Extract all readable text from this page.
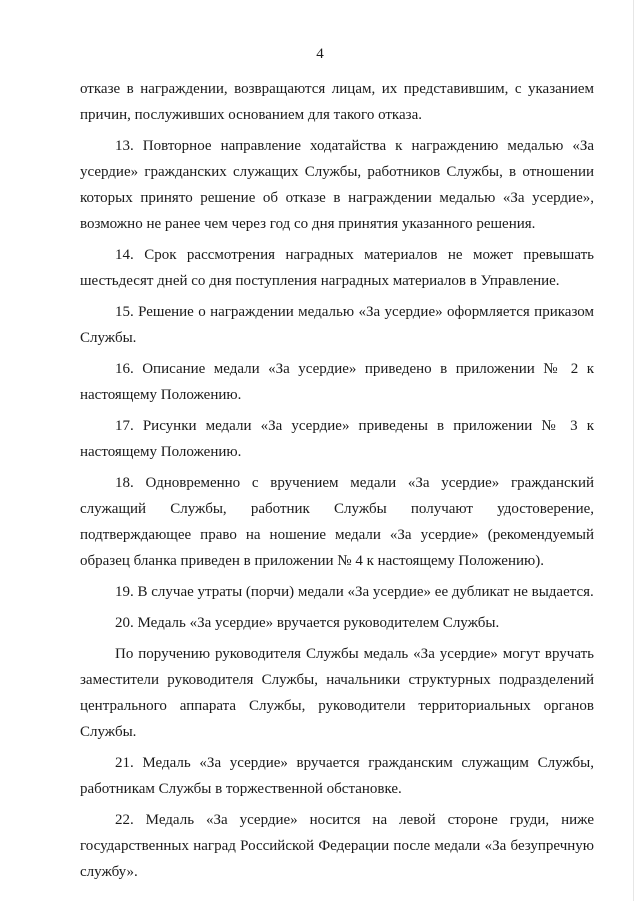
4

отказе в награждении, возвращаются лицам, их представившим, с указанием причин, послуживших основанием для такого отказа.

13. Повторное направление ходатайства к награждению медалью «За усердие» гражданских служащих Службы, работников Службы, в отношении которых принято решение об отказе в награждении медалью «За усердие», возможно не ранее чем через год со дня принятия указанного решения.

14. Срок рассмотрения наградных материалов не может превышать шестьдесят дней со дня поступления наградных материалов в Управление.

15. Решение о награждении медалью «За усердие» оформляется приказом Службы.

16. Описание медали «За усердие» приведено в приложении № 2 к настоящему Положению.

17. Рисунки медали «За усердие» приведены в приложении № 3 к настоящему Положению.

18. Одновременно с вручением медали «За усердие» гражданский служащий Службы, работник Службы получают удостоверение, подтверждающее право на ношение медали «За усердие» (рекомендуемый образец бланка приведен в приложении № 4 к настоящему Положению).

19. В случае утраты (порчи) медали «За усердие» ее дубликат не выдается.

20. Медаль «За усердие» вручается руководителем Службы.

По поручению руководителя Службы медаль «За усердие» могут вручать заместители руководителя Службы, начальники структурных подразделений центрального аппарата Службы, руководители территориальных органов Службы.

21. Медаль «За усердие» вручается гражданским служащим Службы, работникам Службы в торжественной обстановке.

22. Медаль «За усердие» носится на левой стороне груди, ниже государственных наград Российской Федерации после медали «За безупречную службу».
